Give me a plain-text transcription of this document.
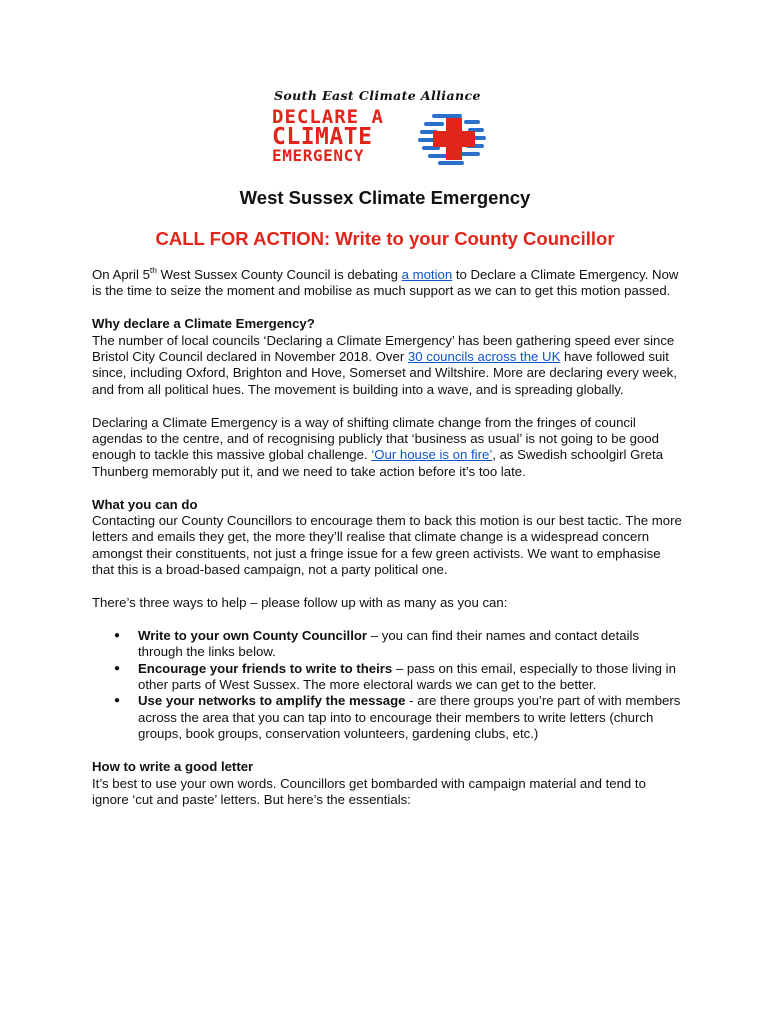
South East Climate Alliance
DECLARE A
CLIMATE
EMERGENCY
West Sussex Climate Emergency
CALL FOR ACTION: Write to your County Councillor

On April 5th West Sussex County Council is debating a motion to Declare a Climate Emergency. Now is the time to seize the moment and mobilise as much support as we can to get this motion passed.

Why declare a Climate Emergency?

The number of local councils ‘Declaring a Climate Emergency’ has been gathering speed ever since Bristol City Council declared in November 2018. Over 30 councils across the UK have followed suit since, including Oxford, Brighton and Hove, Somerset and Wiltshire. More are declaring every week, and from all political hues. The movement is building into a wave, and is spreading globally.

Declaring a Climate Emergency is a way of shifting climate change from the fringes of council agendas to the centre, and of recognising publicly that ‘business as usual’ is not going to be good enough to tackle this massive global challenge. ‘Our house is on fire’, as Swedish schoolgirl Greta Thunberg memorably put it, and we need to take action before it’s too late.

What you can do

Contacting our County Councillors to encourage them to back this motion is our best tactic. The more letters and emails they get, the more they’ll realise that climate change is a widespread concern amongst their constituents, not just a fringe issue for a few green activists. We want to emphasise that this is a broad-based campaign, not a party political one.

There’s three ways to help – please follow up with as many as you can:

● Write to your own County Councillor – you can find their names and contact details through the links below.
● Encourage your friends to write to theirs – pass on this email, especially to those living in other parts of West Sussex. The more electoral wards we can get to the better.
● Use your networks to amplify the message - are there groups you’re part of with members across the area that you can tap into to encourage their members to write letters (church groups, book groups, conservation volunteers, gardening clubs, etc.)
How to write a good letter

It’s best to use your own words. Councillors get bombarded with campaign material and tend to ignore ‘cut and paste’ letters. But here’s the essentials:
